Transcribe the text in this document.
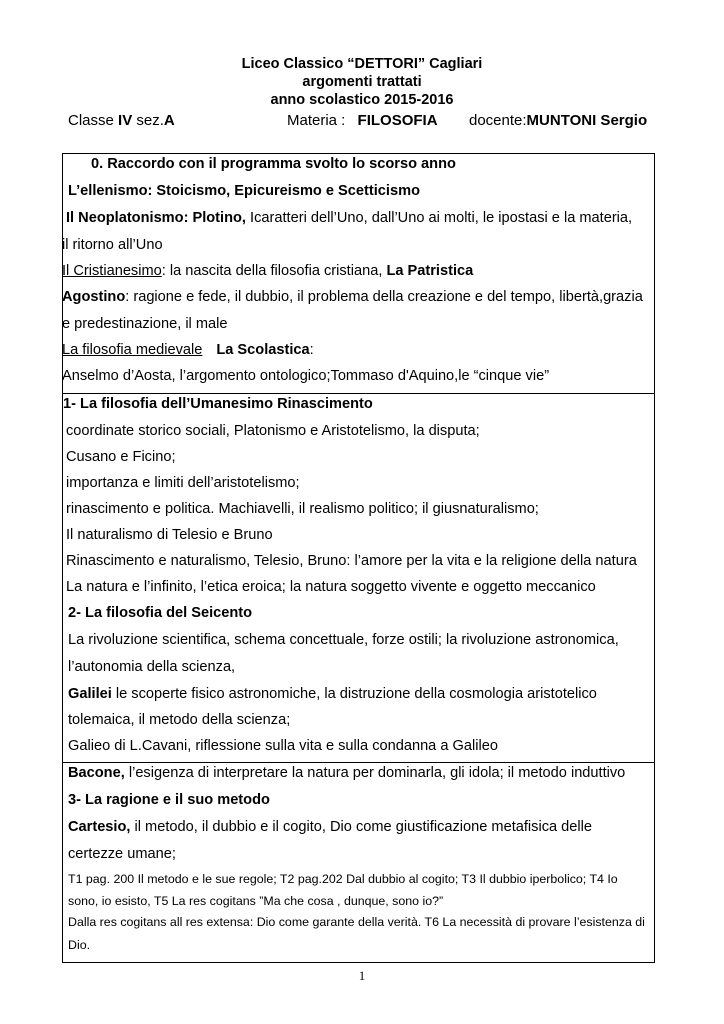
Liceo Classico “DETTORI” Cagliari
argomenti trattati
anno scolastico 2015-2016
Classe IV sez.A	Materia : FILOSOFIA docente:MUNTONI Sergio
0. Raccordo con il programma svolto lo scorso anno
L’ellenismo: Stoicismo, Epicureismo e Scetticismo
Il Neoplatonismo: Plotino, Icaratteri dell’Uno, dall’Uno ai molti, le ipostasi e la materia,
il ritorno all’Uno
Il Cristianesimo: la nascita della filosofia cristiana, La Patristica
Agostino: ragione e fede, il dubbio, il problema della creazione e del tempo, libertà,grazia
e predestinazione, il male
La filosofia medievale La Scolastica:
Anselmo d’Aosta, l’argomento ontologico;Tommaso d'Aquino,le “cinque vie”
1- La filosofia dell’Umanesimo Rinascimento
coordinate storico sociali, Platonismo e Aristotelismo, la disputa;
Cusano e Ficino;
importanza e limiti dell’aristotelismo;
rinascimento e politica. Machiavelli, il realismo politico; il giusnaturalismo;
Il naturalismo di Telesio e Bruno
Rinascimento e naturalismo, Telesio, Bruno: l’amore per la vita e la religione della natura
La natura e l’infinito, l’etica eroica; la natura soggetto vivente e oggetto meccanico
2- La filosofia del Seicento
La rivoluzione scientifica, schema concettuale, forze ostili; la rivoluzione astronomica,
l’autonomia della scienza,
Galilei le scoperte fisico astronomiche, la distruzione della cosmologia aristotelico
tolemaica, il metodo della scienza;
Galieo di L.Cavani, riflessione sulla vita e sulla condanna a Galileo
Bacone, l’esigenza di interpretare la natura per dominarla, gli idola; il metodo induttivo
3- La ragione e il suo metodo
Cartesio, il metodo, il dubbio e il cogito, Dio come giustificazione metafisica delle
certezze umane;
T1 pag. 200 Il metodo e le sue regole; T2 pag.202 Dal dubbio al cogito; T3 Il dubbio iperbolico; T4 Io
sono, io esisto, T5 La res cogitans ”Ma che cosa , dunque, sono io?”
Dalla res cogitans all res extensa: Dio come garante della verità. T6 La necessità di provare l’esistenza di
Dio.
1
